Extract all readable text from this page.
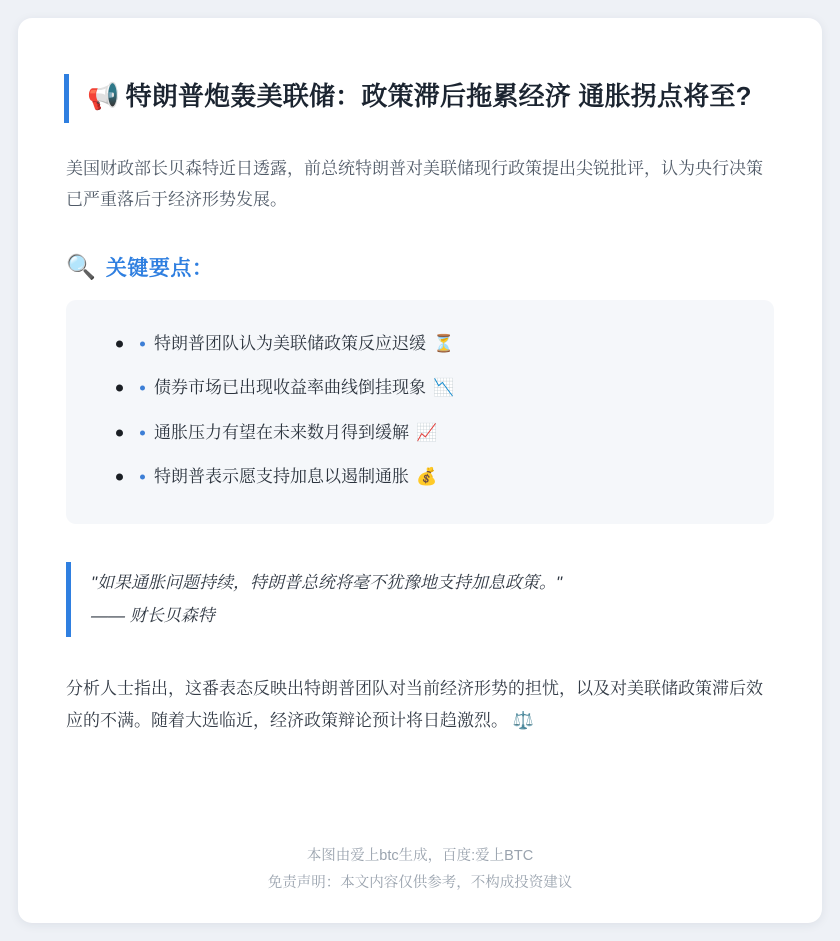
📢 特朗普炮轰美联储：政策滞后拖累经济 通胀拐点将至?

美国财政部长贝森特近日透露，前总统特朗普对美联储现行政策提出尖锐批评，认为央行决策已严重落后于经济形势发展。

🔍 关键要点：
特朗普团队认为美联储政策反应迟缓 ⏳
债券市场已出现收益率曲线倒挂现象 📉
通胀压力有望在未来数月得到缓解 📈
特朗普表示愿支持加息以遏制通胀 💰
"如果通胀问题持续，特朗普总统将毫不犹豫地支持加息政策。"
—— 财长贝森特

分析人士指出，这番表态反映出特朗普团队对当前经济形势的担忧，以及对美联储政策滞后效应的不满。随着大选临近，经济政策辩论预计将日趋激烈。 ⚖️

本图由爱上btc生成，百度:爱上BTC
免责声明：本文内容仅供参考，不构成投资建议
